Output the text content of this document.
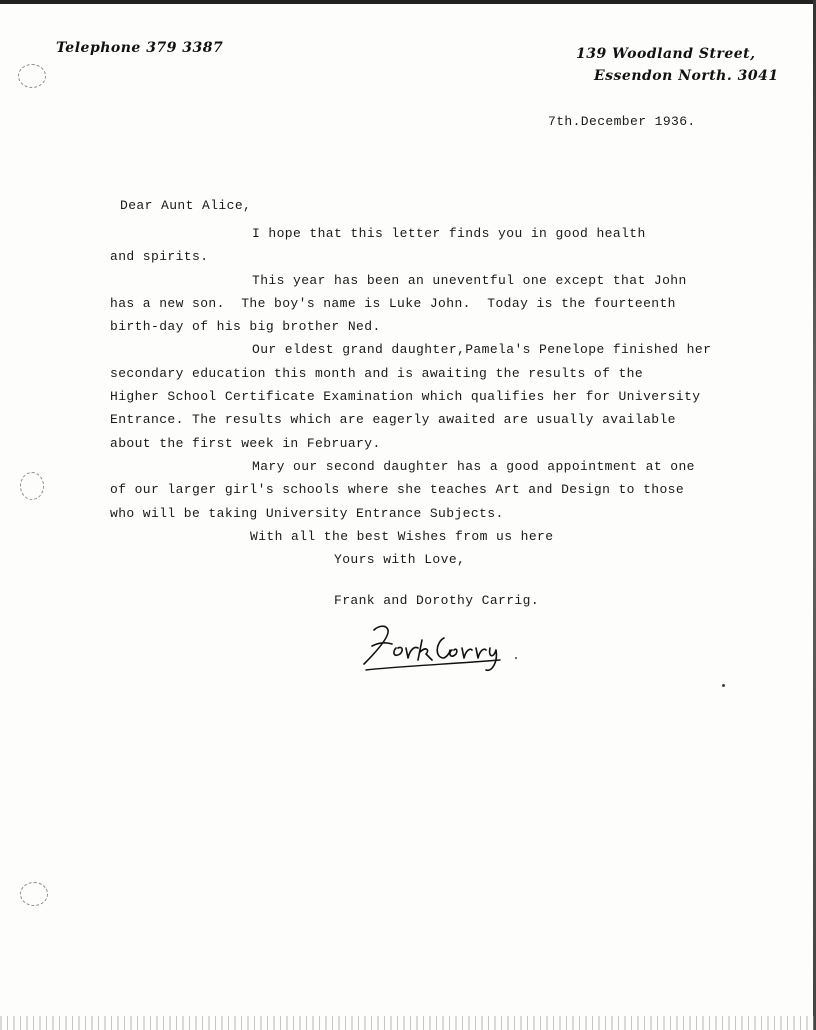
Telephone 379 3387	139 Woodland Street,
Essendon North. 3041
7th.December 1936.
Dear Aunt Alice,

I hope that this letter finds you in good health

and spirits.

This year has been an uneventful one except that John

has a new son.  The boy's name is Luke John.  Today is the fourteenth

birth-day of his big brother Ned.

Our eldest grand daughter,Pamela's Penelope finished her

secondary education this month and is awaiting the results of the

Higher School Certificate Examination which qualifies her for University

Entrance. The results which are eagerly awaited are usually available

about the first week in February.

Mary our second daughter has a good appointment at one

of our larger girl's schools where she teaches Art and Design to those

who will be taking University Entrance Subjects.

With all the best Wishes from us here
Yours with Love,
Frank and Dorothy Carrig.
